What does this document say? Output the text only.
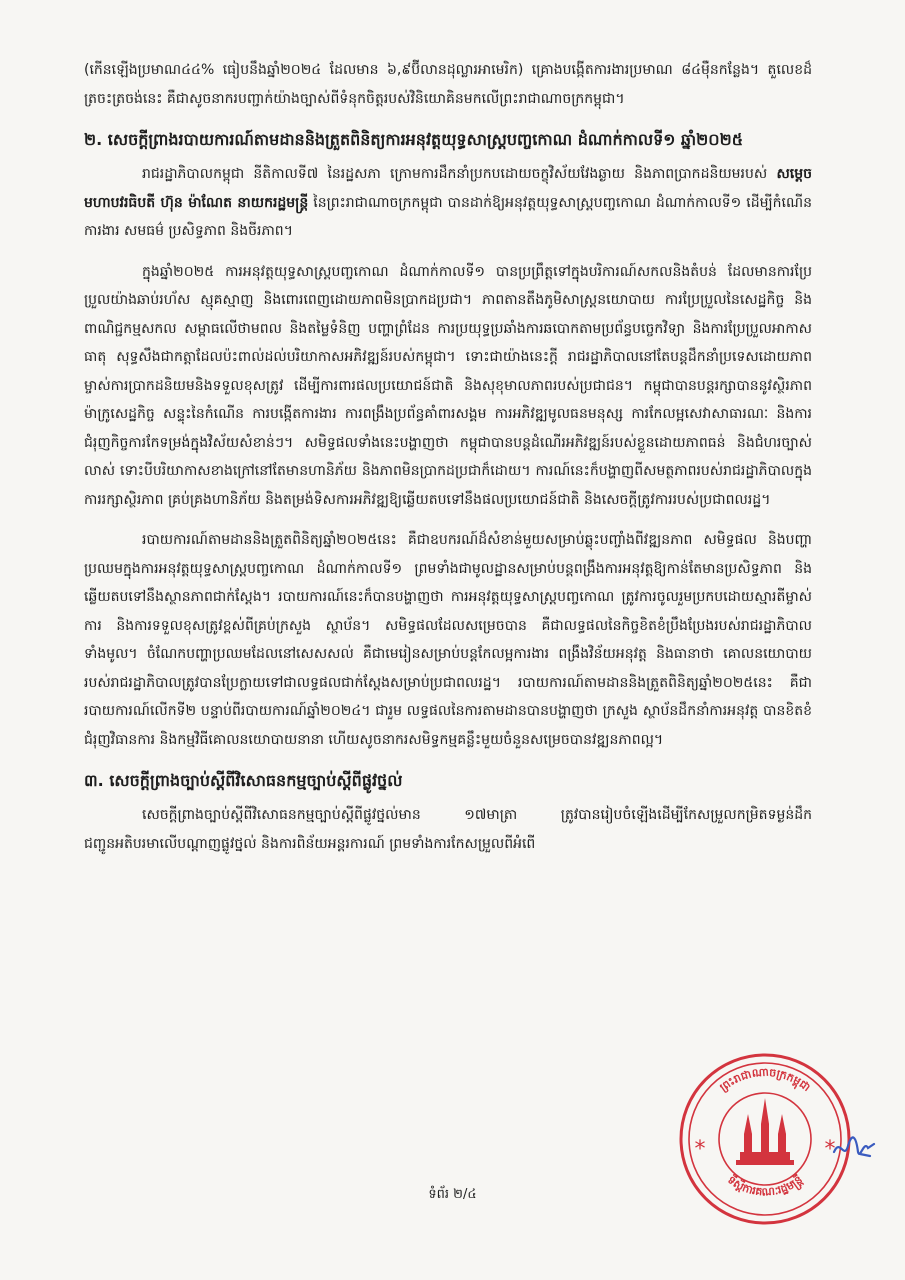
(កើនឡើងប្រមាណ៤៤% ធៀបនឹងឆ្នាំ២០២៤ ដែលមាន ៦,៩ប៊ីលានដុល្លារអាមេរិក) គ្រោងបង្កើតការងារប្រមាណ ៨៤ម៉ឺនកន្លែង។ តួលេខដ៏ត្រចះត្រចង់នេះ គឺជាសូចនាករបញ្ជាក់យ៉ាងច្បាស់ពីទំនុកចិត្តរបស់វិនិយោគិនមកលើព្រះរាជាណាចក្រកម្ពុជា។

២. សេចក្ដីព្រាងរបាយការណ៍តាមដាននិងត្រួតពិនិត្យការអនុវត្តយុទ្ធសាស្ត្របញ្ចកោណ ដំណាក់កាលទី១ ឆ្នាំ២០២៥

រាជរដ្ឋាភិបាលកម្ពុជា នីតិកាលទី៧ នៃរដ្ឋសភា ក្រោមការដឹកនាំប្រកបដោយចក្ខុវិស័យវែងឆ្ងាយ និងភាពប្រាកដនិយមរបស់ សម្ដេចមហាបវរធិបតី ហ៊ុន ម៉ាណែត នាយករដ្ឋមន្ត្រី នៃព្រះរាជាណាចក្រកម្ពុជា បានដាក់ឱ្យអនុវត្តយុទ្ធសាស្ត្របញ្ចកោណ ដំណាក់កាលទី១ ដើម្បីកំណើន ការងារ សមធម៌ ប្រសិទ្ធភាព និងចីរភាព។

ក្នុងឆ្នាំ២០២៥ ការអនុវត្តយុទ្ធសាស្ត្របញ្ចកោណ ដំណាក់កាលទី១ បានប្រព្រឹត្តទៅក្នុងបរិការណ៍សកលនិងតំបន់ ដែលមានការប្រែប្រួលយ៉ាងឆាប់រហ័ស ស្មុគស្មាញ និងពោរពេញដោយភាពមិនប្រាកដប្រជា។ ភាពតានតឹងភូមិសាស្ត្រនយោបាយ ការប្រែប្រួលនៃសេដ្ឋកិច្ច និងពាណិជ្ជកម្មសកល សម្ពាធលើថាមពល និងតម្លៃទំនិញ បញ្ហាព្រំដែន ការប្រយុទ្ធប្រឆាំងការឆបោកតាមប្រព័ន្ធបច្ចេកវិទ្យា និងការប្រែប្រួលអាកាសធាតុ សុទ្ធសឹងជាកត្តាដែលប៉ះពាល់ដល់បរិយាកាសអភិវឌ្ឍន៍របស់កម្ពុជា។ ទោះជាយ៉ាងនេះក្ដី រាជរដ្ឋាភិបាលនៅតែបន្តដឹកនាំប្រទេសដោយភាពម្ចាស់ការប្រាកដនិយមនិងទទួលខុសត្រូវ ដើម្បីការពារផលប្រយោជន៍ជាតិ និងសុខុមាលភាពរបស់ប្រជាជន។ កម្ពុជាបានបន្តរក្សាបាននូវស្ថិរភាពម៉ាក្រូសេដ្ឋកិច្ច សន្ទុះនៃកំណើន ការបង្កើតការងារ ការពង្រឹងប្រព័ន្ធគាំពារសង្គម ការអភិវឌ្ឍមូលធនមនុស្ស ការកែលម្អសេវាសាធារណៈ និងការជំរុញកិច្ចការកែទម្រង់ក្នុងវិស័យសំខាន់ៗ។ សមិទ្ធផលទាំងនេះបង្ហាញថា កម្ពុជាបានបន្តដំណើរអភិវឌ្ឍន៍របស់ខ្លួនដោយភាពធន់ និងជំហរច្បាស់លាស់ ទោះបីបរិយាកាសខាងក្រៅនៅតែមានហានិភ័យ និងភាពមិនប្រាកដប្រជាក៏ដោយ។ ការណ៍នេះក៏បង្ហាញពីសមត្ថភាពរបស់រាជរដ្ឋាភិបាលក្នុងការរក្សាស្ថិរភាព គ្រប់គ្រងហានិភ័យ និងតម្រង់ទិសការអភិវឌ្ឍឱ្យឆ្លើយតបទៅនឹងផលប្រយោជន៍ជាតិ និងសេចក្ដីត្រូវការរបស់ប្រជាពលរដ្ឋ។

របាយការណ៍តាមដាននិងត្រួតពិនិត្យឆ្នាំ២០២៥នេះ គឺជាឧបករណ៍ដ៏សំខាន់មួយសម្រាប់ឆ្លុះបញ្ចាំងពីវឌ្ឍនភាព សមិទ្ធផល និងបញ្ហាប្រឈមក្នុងការអនុវត្តយុទ្ធសាស្ត្របញ្ចកោណ ដំណាក់កាលទី១ ព្រមទាំងជាមូលដ្ឋានសម្រាប់បន្តពង្រឹងការអនុវត្តឱ្យកាន់តែមានប្រសិទ្ធភាព និងឆ្លើយតបទៅនឹងស្ថានភាពជាក់ស្ដែង។ របាយការណ៍នេះក៏បានបង្ហាញថា ការអនុវត្តយុទ្ធសាស្ត្របញ្ចកោណ ត្រូវការចូលរួមប្រកបដោយស្មារតីម្ចាស់ការ និងការទទួលខុសត្រូវខ្ពស់ពីគ្រប់ក្រសួង ស្ថាប័ន។ សមិទ្ធផលដែលសម្រេចបាន គឺជាលទ្ធផលនៃកិច្ចខិតខំប្រឹងប្រែងរបស់រាជរដ្ឋាភិបាលទាំងមូល។ ចំណែកបញ្ហាប្រឈមដែលនៅសេសសល់ គឺជាមេរៀនសម្រាប់បន្តកែលម្អការងារ ពង្រឹងវិន័យអនុវត្ត និងធានាថា គោលនយោបាយរបស់រាជរដ្ឋាភិបាលត្រូវបានប្រែក្លាយទៅជាលទ្ធផលជាក់ស្ដែងសម្រាប់ប្រជាពលរដ្ឋ។ របាយការណ៍តាមដាននិងត្រួតពិនិត្យឆ្នាំ២០២៥នេះ គឺជារបាយការណ៍លើកទី២ បន្ទាប់ពីរបាយការណ៍ឆ្នាំ២០២៤។ ជារួម លទ្ធផលនៃការតាមដានបានបង្ហាញថា ក្រសួង ស្ថាប័នដឹកនាំការអនុវត្ត បានខិតខំជំរុញវិធានការ និងកម្មវិធីគោលនយោបាយនានា ហើយសូចនាករសមិទ្ធកម្មគន្លឹះមួយចំនួនសម្រេចបានវឌ្ឍនភាពល្អ។

៣. សេចក្ដីព្រាងច្បាប់ស្ដីពីវិសោធនកម្មច្បាប់ស្ដីពីផ្លូវថ្នល់

សេចក្ដីព្រាងច្បាប់ស្ដីពីវិសោធនកម្មច្បាប់ស្ដីពីផ្លូវថ្នល់មាន ១៧មាត្រា ត្រូវបានរៀបចំឡើងដើម្បីកែសម្រួលកម្រិតទម្ងន់ដឹកជញ្ជូនអតិបរមាលើបណ្ដាញផ្លូវថ្នល់ និងការពិន័យអន្តរការណ៍ ព្រមទាំងការកែសម្រួលពីអំពើ

ទំព័រ ២/៤
*	*
ព្រះរាជាណាចក្រកម្ពុជា
ទីស្ដីការគណៈរដ្ឋមន្ត្រី
